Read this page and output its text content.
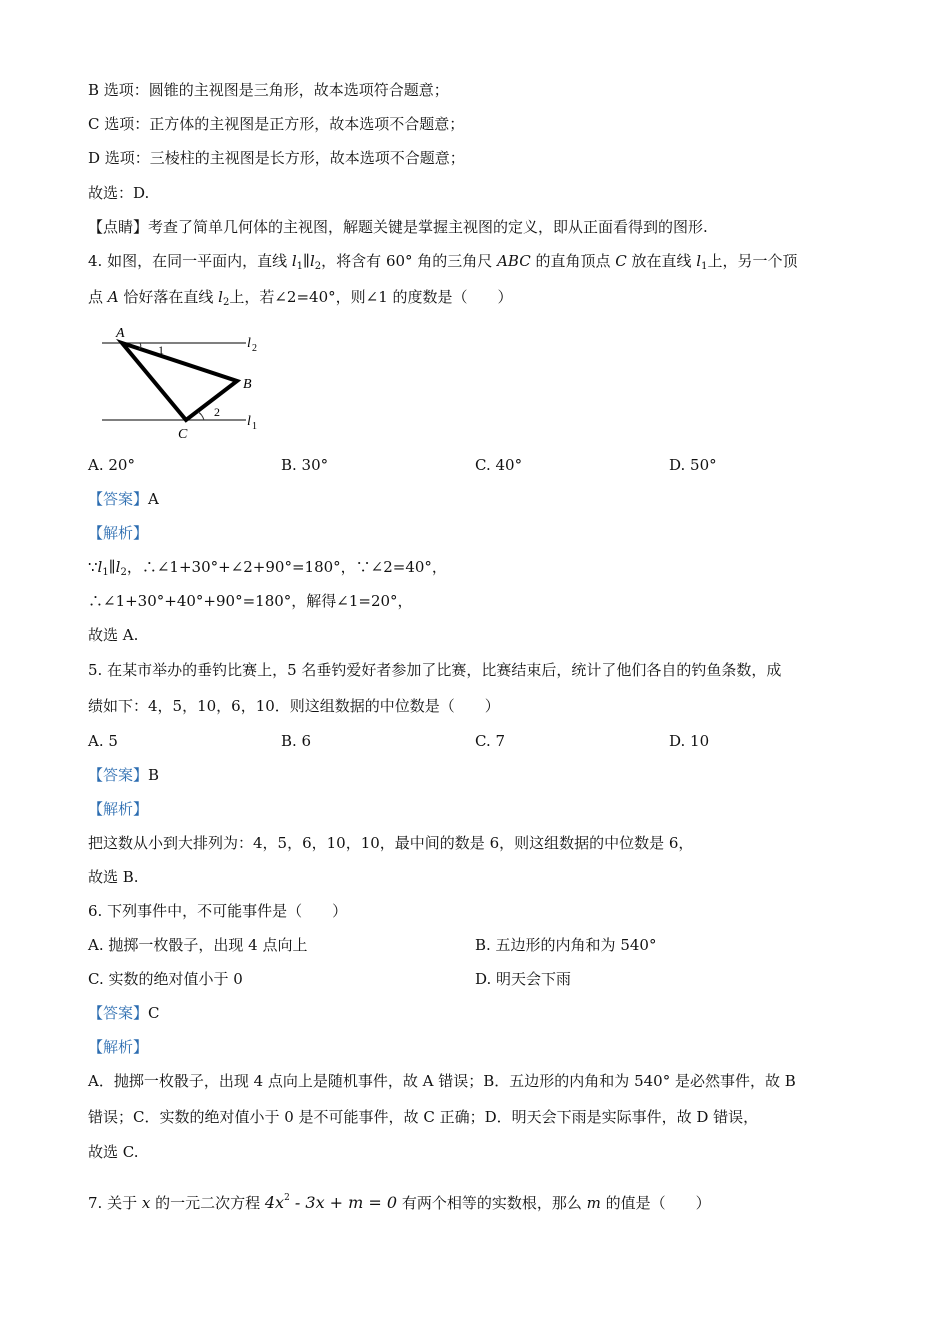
B 选项：圆锥的主视图是三角形，故本选项符合题意；
C 选项：正方体的主视图是正方形，故本选项不合题意；
D 选项：三棱柱的主视图是长方形，故本选项不合题意；
故选：D.
【点睛】考查了简单几何体的主视图，解题关键是掌握主视图的定义，即从正面看得到的图形.
4. 如图，在同一平面内，直线 $l_1\parallel l_2$，将含有 60° 角的三角尺 ABC 的直角顶点 C 放在直线 $l_1$上，另一个顶
点 A 恰好落在直线 $l_2$上，若∠2=40°，则∠1 的度数是（　　）
A
B
C
1
2
l 2
l 1
A. 20°	B. 30°	C. 40°	D. 50°
【答案】A
【解析】
$\because l_1\parallel l_2$，∴∠1+30°+∠2+90°=180°，∵∠2=40°，
∴∠1+30°+40°+90°=180°，解得∠1=20°，
故选 A.
5. 在某市举办的垂钓比赛上，5 名垂钓爱好者参加了比赛，比赛结束后，统计了他们各自的钓鱼条数，成
绩如下：4，5，10，6，10．则这组数据的中位数是（　　）
A. 5	B. 6	C. 7	D. 10
【答案】B
【解析】
把这数从小到大排列为：4，5，6，10，10，最中间的数是 6，则这组数据的中位数是 6，
故选 B.
6. 下列事件中，不可能事件是（　　）
A. 抛掷一枚骰子，出现 4 点向上	B. 五边形的内角和为 540°
C. 实数的绝对值小于 0	D. 明天会下雨
【答案】C
【解析】
A．抛掷一枚骰子，出现 4 点向上是随机事件，故 A 错误；B．五边形的内角和为 540° 是必然事件，故 B
错误；C．实数的绝对值小于 0 是不可能事件，故 C 正确；D．明天会下雨是实际事件，故 D 错误，
故选 C.
7. 关于 x 的一元二次方程 $4x^2 - 3x + m = 0$ 有两个相等的实数根，那么 m 的值是（　　）
